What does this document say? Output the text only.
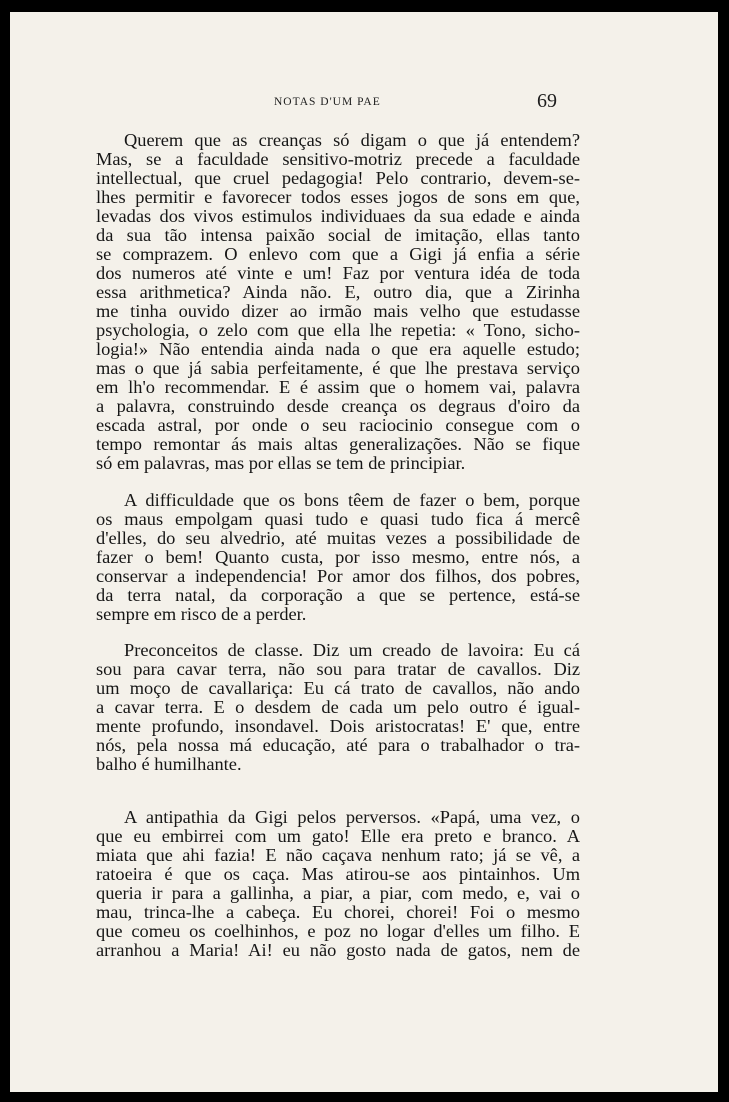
NOTAS D'UM PAE	69
Querem que as creanças só digam o que já entendem?
Mas, se a faculdade sensitivo-motriz precede a faculdade
intellectual, que cruel pedagogia! Pelo contrario, devem-se-
lhes permitir e favorecer todos esses jogos de sons em que,
levadas dos vivos estimulos individuaes da sua edade e ainda
da sua tão intensa paixão social de imitação, ellas tanto
se comprazem. O enlevo com que a Gigi já enfia a série
dos numeros até vinte e um! Faz por ventura idéa de toda
essa arithmetica? Ainda não. E, outro dia, que a Zirinha
me tinha ouvido dizer ao irmão mais velho que estudasse
psychologia, o zelo com que ella lhe repetia: « Tono, sicho-
logia!» Não entendia ainda nada o que era aquelle estudo;
mas o que já sabia perfeitamente, é que lhe prestava serviço
em lh'o recommendar. E é assim que o homem vai, palavra
a palavra, construindo desde creança os degraus d'oiro da
escada astral, por onde o seu raciocinio consegue com o
tempo remontar ás mais altas generalizações. Não se fique
só em palavras, mas por ellas se tem de principiar.
A difficuldade que os bons têem de fazer o bem, porque
os maus empolgam quasi tudo e quasi tudo fica á mercê
d'elles, do seu alvedrio, até muitas vezes a possibilidade de
fazer o bem! Quanto custa, por isso mesmo, entre nós, a
conservar a independencia! Por amor dos filhos, dos pobres,
da terra natal, da corporação a que se pertence, está-se
sempre em risco de a perder.
Preconceitos de classe. Diz um creado de lavoira: Eu cá
sou para cavar terra, não sou para tratar de cavallos. Diz
um moço de cavallariça: Eu cá trato de cavallos, não ando
a cavar terra. E o desdem de cada um pelo outro é igual-
mente profundo, insondavel. Dois aristocratas! E' que, entre
nós, pela nossa má educação, até para o trabalhador o tra-
balho é humilhante.
A antipathia da Gigi pelos perversos. «Papá, uma vez, o
que eu embirrei com um gato! Elle era preto e branco. A
miata que ahi fazia! E não caçava nenhum rato; já se vê, a
ratoeira é que os caça. Mas atirou-se aos pintainhos. Um
queria ir para a gallinha, a piar, a piar, com medo, e, vai o
mau, trinca-lhe a cabeça. Eu chorei, chorei! Foi o mesmo
que comeu os coelhinhos, e poz no logar d'elles um filho. E
arranhou a Maria! Ai! eu não gosto nada de gatos, nem de
